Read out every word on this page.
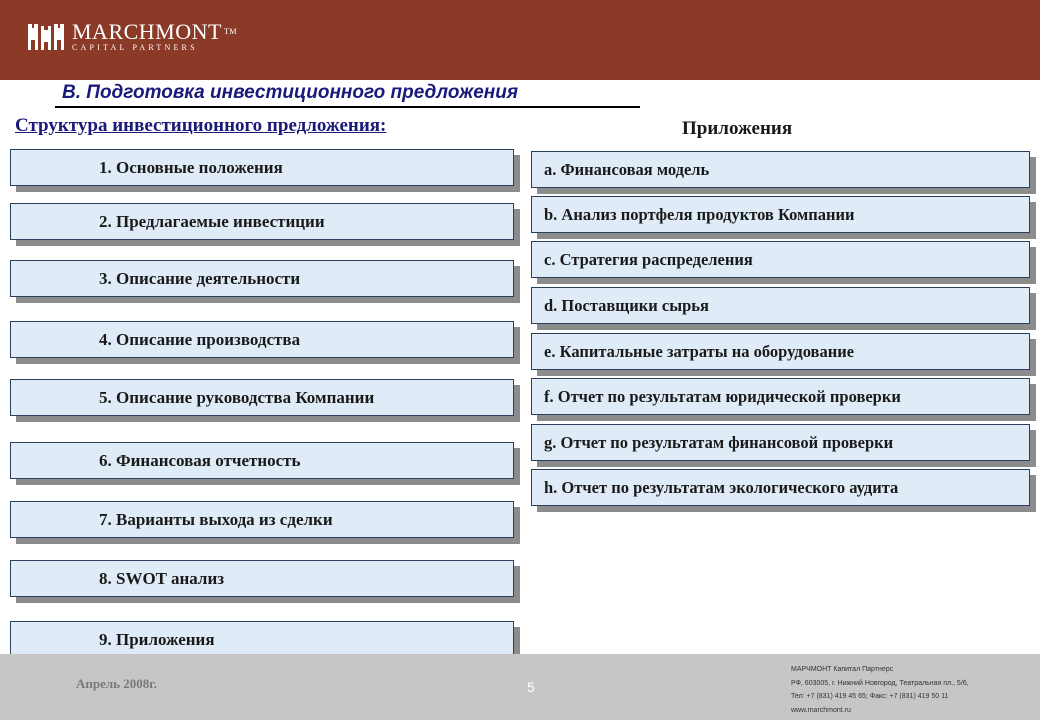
MARCHMONT ™
CAPITAL PARTNERS
B. Подготовка инвестиционного предложения
Структура инвестиционного предложения:	Приложения
1. Основные положения
2. Предлагаемые инвестиции
3. Описание деятельности
4. Описание производства
5. Описание руководства Компании
6. Финансовая отчетность
7. Варианты выхода из сделки
8. SWOT анализ
9. Приложения
a. Финансовая модель
b. Анализ портфеля продуктов Компании
c. Стратегия распределения
d. Поставщики сырья
e. Капитальные затраты на оборудование
f. Отчет по результатам юридической проверки
g. Отчет по результатам финансовой проверки
h. Отчет по результатам экологического аудита
Апрель 2008г.	5
МАРЧМОНТ Капитал Партнерс
РФ, 603005, г. Нижний Новгород, Театральная пл., 5/6,
Тел: +7 (831) 419 45 65; Факс: +7 (831) 419 50 11
www.marchmont.ru
